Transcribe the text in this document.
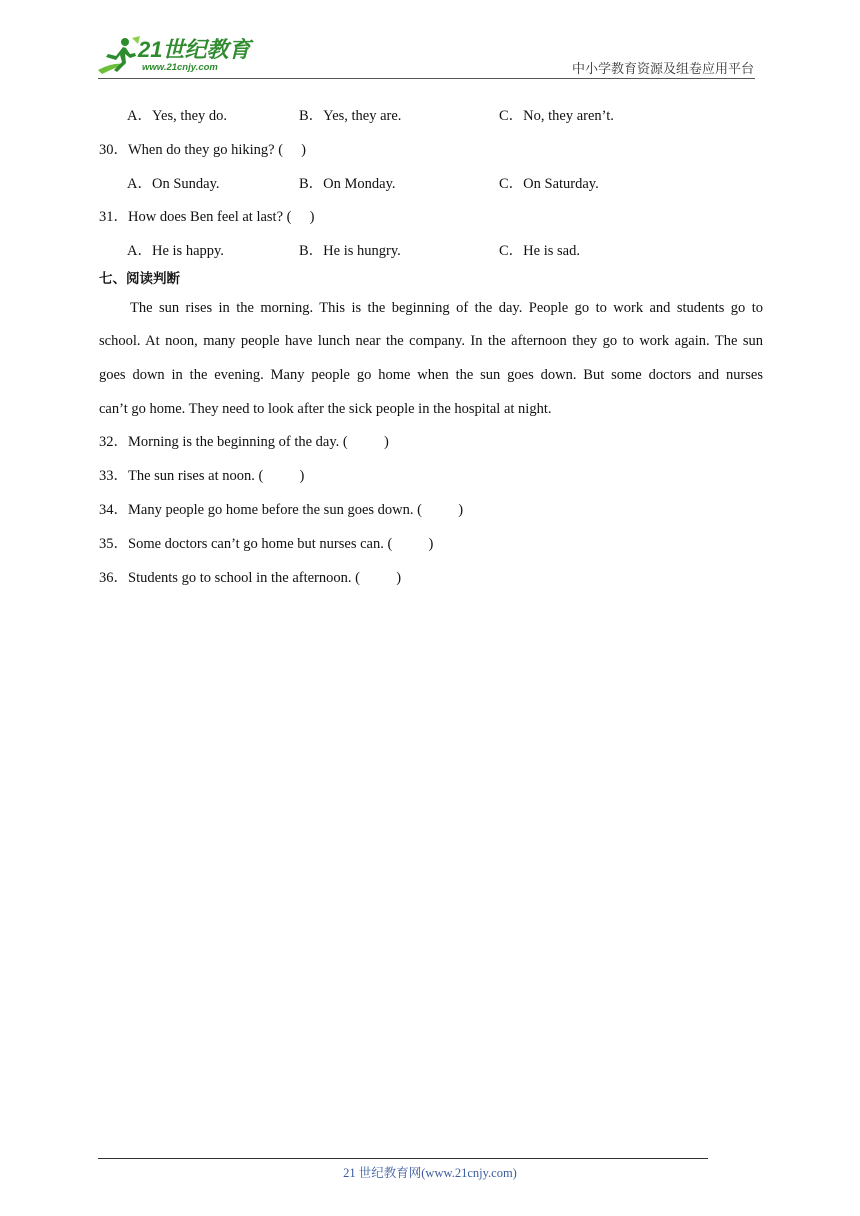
21世纪教育
www.21cnjy.com	中小学教育资源及组卷应用平台
A．Yes, they do.	B．Yes, they are.	C．No, they aren’t.
30．When do they go hiking? (     )
A．On Sunday.	B．On Monday.	C．On Saturday.
31．How does Ben feel at last? (     )
A．He is happy.	B．He is hungry.	C．He is sad.
七、阅读判断
The sun rises in the morning. This is the beginning of the day. People go to work and students go to
school. At noon, many people have lunch near the company. In the afternoon they go to work again. The sun
goes down in the evening. Many people go home when the sun goes down. But some doctors and nurses
can’t go home. They need to look after the sick people in the hospital at night.
32．Morning is the beginning of the day. (          )
33．The sun rises at noon. (          )
34．Many people go home before the sun goes down. (          )
35．Some doctors can’t go home but nurses can. (          )
36．Students go to school in the afternoon. (          )
21 世纪教育网(www.21cnjy.com)
